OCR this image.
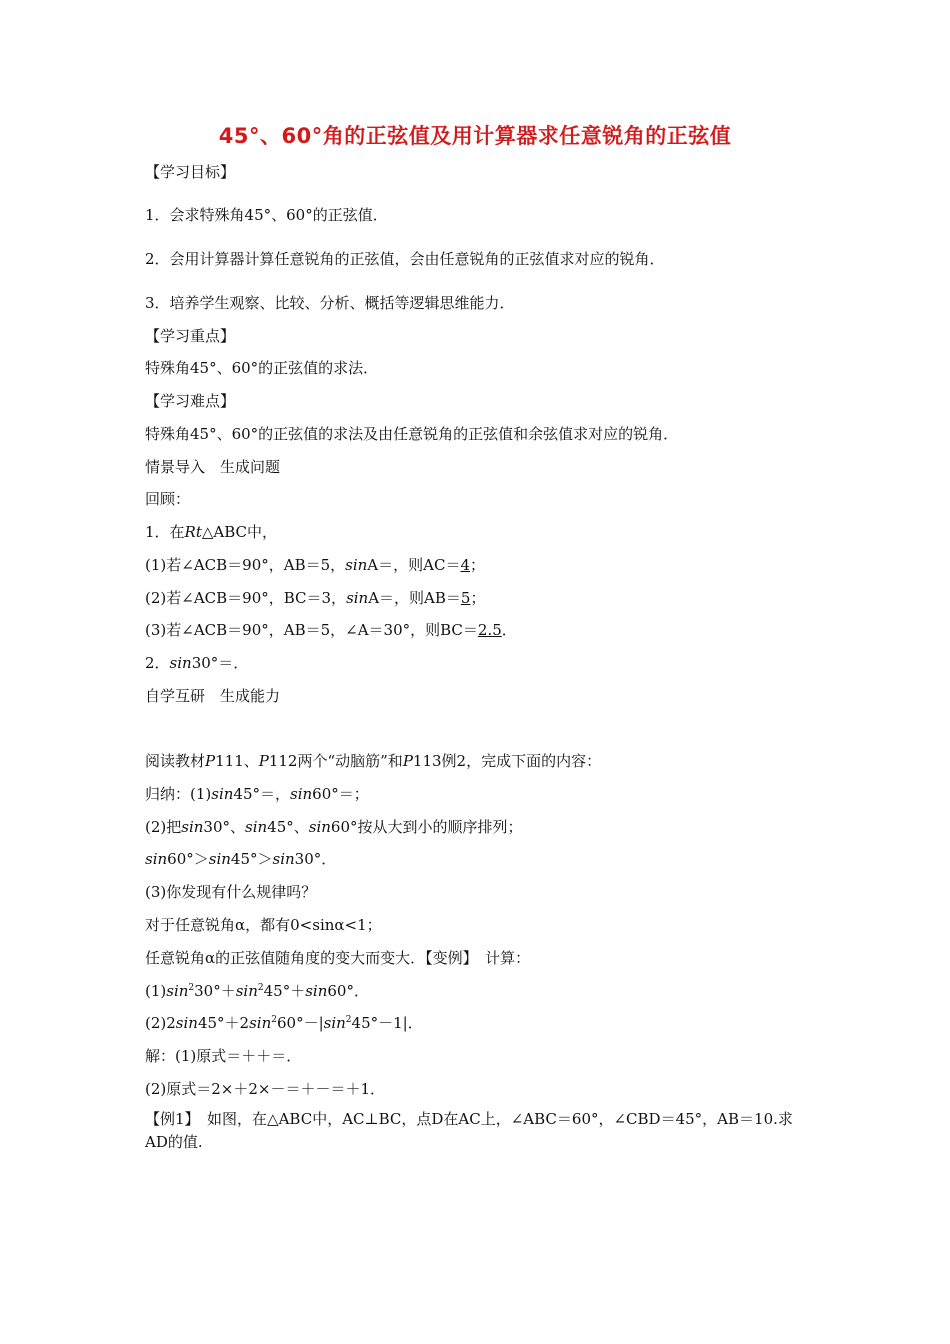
45°、60°角的正弦值及用计算器求任意锐角的正弦值
【学习目标】
1．会求特殊角45°、60°的正弦值．
2．会用计算器计算任意锐角的正弦值，会由任意锐角的正弦值求对应的锐角．
3．培养学生观察、比较、分析、概括等逻辑思维能力．
【学习重点】
特殊角45°、60°的正弦值的求法．
【学习难点】
特殊角45°、60°的正弦值的求法及由任意锐角的正弦值和余弦值求对应的锐角．
情景导入　生成问题
回顾：
1．在Rt△ABC中，
(1)若∠ACB＝90°，AB＝5，sinA＝，则AC＝4；
(2)若∠ACB＝90°，BC＝3，sinA＝，则AB＝5；
(3)若∠ACB＝90°，AB＝5，∠A＝30°，则BC＝2.5．
2．sin30°＝．
自学互研　生成能力
阅读教材P111、P112两个“动脑筋”和P113例2，完成下面的内容：
归纳：(1)sin45°＝，sin60°＝；
(2)把sin30°、sin45°、sin60°按从大到小的顺序排列；
sin60°＞sin45°＞sin30°．
(3)你发现有什么规律吗？
对于任意锐角α，都有0<sinα<1；
任意锐角α的正弦值随角度的变大而变大．【变例】　计算：
$(1)\sin^230^\circ+\sin^245^\circ+\sin 60^\circ$．
$(2)2\sin 45^\circ+2\sin^260^\circ-|\sin^245^\circ-1|$．
解：(1)原式＝＋＋＝．
(2)原式＝2×＋2×－＝＋－＝＋1．
【例1】　如图，在△ABC中，AC⊥BC，点D在AC上，∠ABC＝60°，∠CBD＝45°，AB＝10.求AD的值.
